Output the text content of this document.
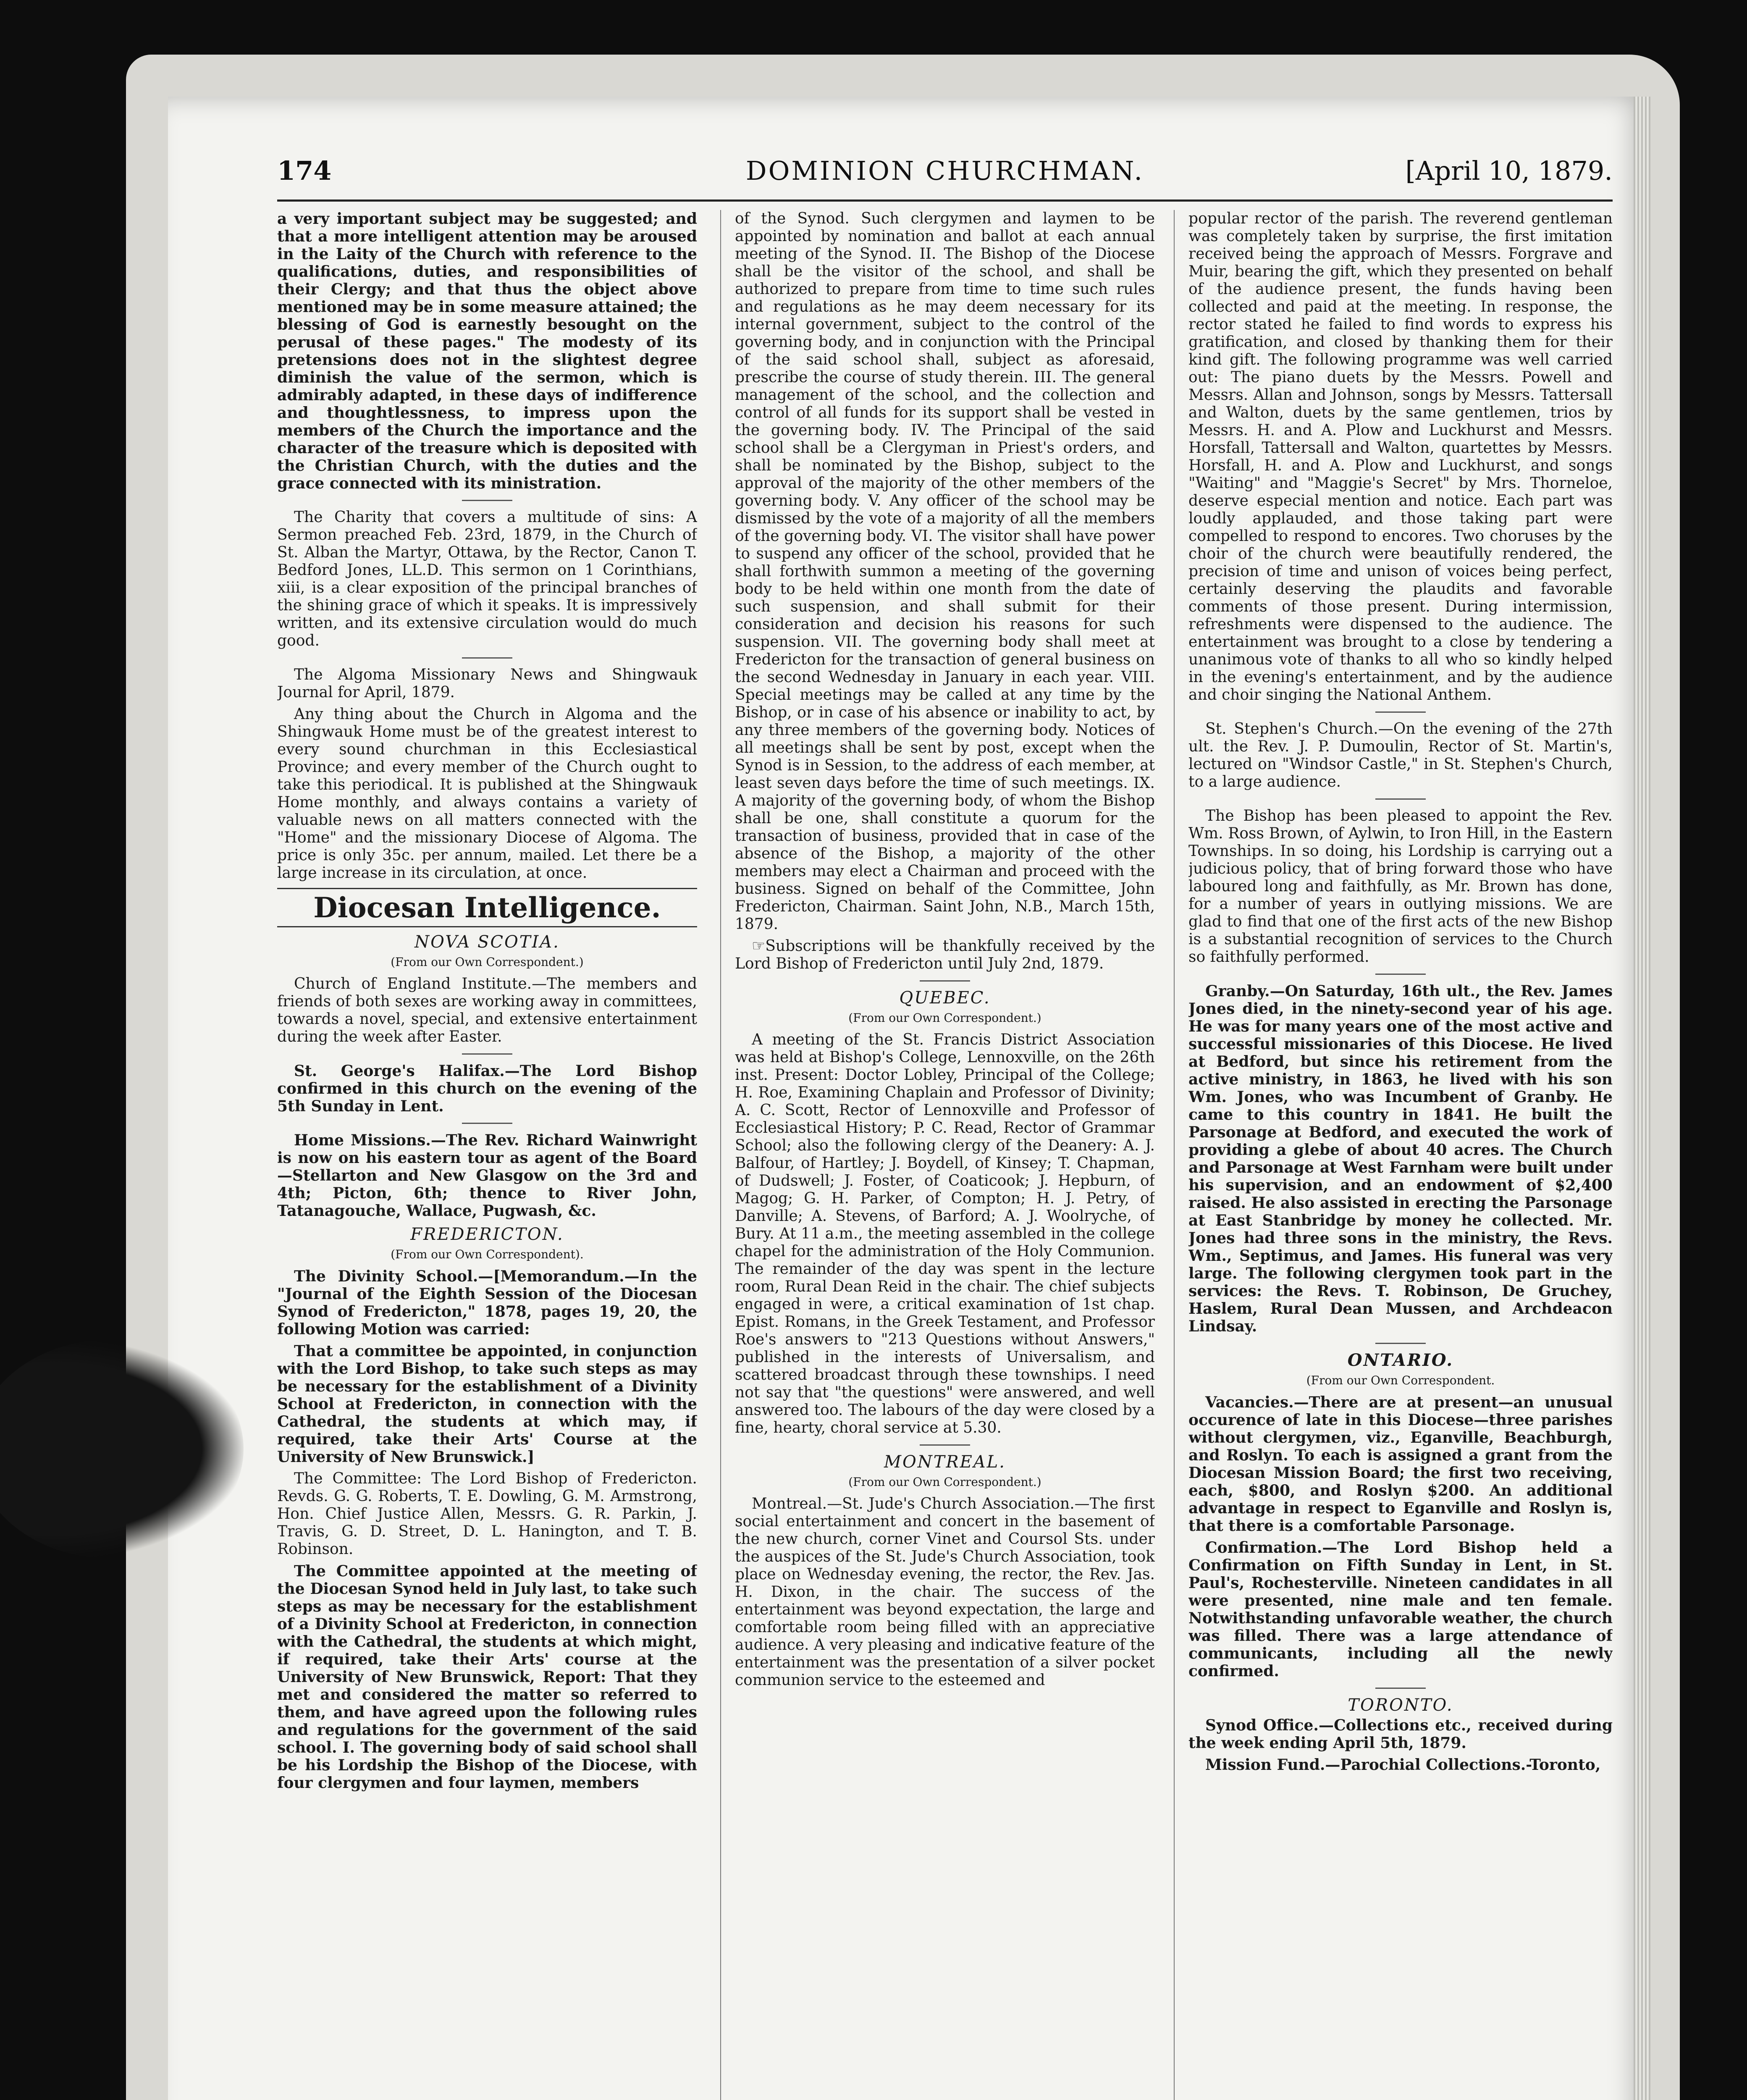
174	DOMINION CHURCHMAN.	[April 10, 1879.

a very important subject may be suggested; and that a more intelligent attention may be aroused in the Laity of the Church with reference to the qualifications, duties, and responsibilities of their Clergy; and that thus the object above mentioned may be in some measure attained; the blessing of God is earnestly besought on the perusal of these pages." The modesty of its pretensions does not in the slightest degree diminish the value of the sermon, which is admirably adapted, in these days of indifference and thoughtlessness, to impress upon the members of the Church the importance and the character of the treasure which is deposited with the Christian Church, with the duties and the grace connected with its ministration.

The Charity that covers a multitude of sins: A Sermon preached Feb. 23rd, 1879, in the Church of St. Alban the Martyr, Ottawa, by the Rector, Canon T. Bedford Jones, LL.D. This sermon on 1 Corinthians, xiii, is a clear exposition of the principal branches of the shining grace of which it speaks. It is impressively written, and its extensive circulation would do much good.

The Algoma Missionary News and Shingwauk Journal for April, 1879.

Any thing about the Church in Algoma and the Shingwauk Home must be of the greatest interest to every sound churchman in this Ecclesiastical Province; and every member of the Church ought to take this periodical. It is published at the Shingwauk Home monthly, and always contains a variety of valuable news on all matters connected with the "Home" and the missionary Diocese of Algoma. The price is only 35c. per annum, mailed. Let there be a large increase in its circulation, at once.

Diocesan Intelligence.
NOVA SCOTIA.
(From our Own Correspondent.)

Church of England Institute.—The members and friends of both sexes are working away in committees, towards a novel, special, and extensive entertainment during the week after Easter.

St. George's Halifax.—The Lord Bishop confirmed in this church on the evening of the 5th Sunday in Lent.

Home Missions.—The Rev. Richard Wainwright is now on his eastern tour as agent of the Board —Stellarton and New Glasgow on the 3rd and 4th; Picton, 6th; thence to River John, Tatanagouche, Wallace, Pugwash, &c.

FREDERICTON.
(From our Own Correspondent).

The Divinity School.—[Memorandum.—In the "Journal of the Eighth Session of the Diocesan Synod of Fredericton," 1878, pages 19, 20, the following Motion was carried:

That a committee be appointed, in conjunction with the Lord Bishop, to take such steps as may be necessary for the establishment of a Divinity School at Fredericton, in connection with the Cathedral, the students at which may, if required, take their Arts' Course at the University of New Brunswick.]

The Committee: The Lord Bishop of Fredericton. Revds. G. G. Roberts, T. E. Dowling, G. M. Armstrong, Hon. Chief Justice Allen, Messrs. G. R. Parkin, J. Travis, G. D. Street, D. L. Hanington, and T. B. Robinson.

The Committee appointed at the meeting of the Diocesan Synod held in July last, to take such steps as may be necessary for the establishment of a Divinity School at Fredericton, in connection with the Cathedral, the students at which might, if required, take their Arts' course at the University of New Brunswick, Report: That they met and considered the matter so referred to them, and have agreed upon the following rules and regulations for the government of the said school. I. The governing body of said school shall be his Lordship the Bishop of the Diocese, with four clergymen and four laymen, members

of the Synod. Such clergymen and laymen to be appointed by nomination and ballot at each annual meeting of the Synod. II. The Bishop of the Diocese shall be the visitor of the school, and shall be authorized to prepare from time to time such rules and regulations as he may deem necessary for its internal government, subject to the control of the governing body, and in conjunction with the Principal of the said school shall, subject as aforesaid, prescribe the course of study therein. III. The general management of the school, and the collection and control of all funds for its support shall be vested in the governing body. IV. The Principal of the said school shall be a Clergyman in Priest's orders, and shall be nominated by the Bishop, subject to the approval of the majority of the other members of the governing body. V. Any officer of the school may be dismissed by the vote of a majority of all the members of the governing body. VI. The visitor shall have power to suspend any officer of the school, provided that he shall forthwith summon a meeting of the governing body to be held within one month from the date of such suspension, and shall submit for their consideration and decision his reasons for such suspension. VII. The governing body shall meet at Fredericton for the transaction of general business on the second Wednesday in January in each year. VIII. Special meetings may be called at any time by the Bishop, or in case of his absence or inability to act, by any three members of the governing body. Notices of all meetings shall be sent by post, except when the Synod is in Session, to the address of each member, at least seven days before the time of such meetings. IX. A majority of the governing body, of whom the Bishop shall be one, shall constitute a quorum for the transaction of business, provided that in case of the absence of the Bishop, a majority of the other members may elect a Chairman and proceed with the business. Signed on behalf of the Committee, John Fredericton, Chairman. Saint John, N.B., March 15th, 1879.

☞Subscriptions will be thankfully received by the Lord Bishop of Fredericton until July 2nd, 1879.

QUEBEC.
(From our Own Correspondent.)

A meeting of the St. Francis District Association was held at Bishop's College, Lennoxville, on the 26th inst. Present: Doctor Lobley, Principal of the College; H. Roe, Examining Chaplain and Professor of Divinity; A. C. Scott, Rector of Lennoxville and Professor of Ecclesiastical History; P. C. Read, Rector of Grammar School; also the following clergy of the Deanery: A. J. Balfour, of Hartley; J. Boydell, of Kinsey; T. Chapman, of Dudswell; J. Foster, of Coaticook; J. Hepburn, of Magog; G. H. Parker, of Compton; H. J. Petry, of Danville; A. Stevens, of Barford; A. J. Woolryche, of Bury. At 11 a.m., the meeting assembled in the college chapel for the administration of the Holy Communion. The remainder of the day was spent in the lecture room, Rural Dean Reid in the chair. The chief subjects engaged in were, a critical examination of 1st chap. Epist. Romans, in the Greek Testament, and Professor Roe's answers to "213 Questions without Answers," published in the interests of Universalism, and scattered broadcast through these townships. I need not say that "the questions" were answered, and well answered too. The labours of the day were closed by a fine, hearty, choral service at 5.30.

MONTREAL.
(From our Own Correspondent.)

Montreal.—St. Jude's Church Association.—The first social entertainment and concert in the basement of the new church, corner Vinet and Coursol Sts. under the auspices of the St. Jude's Church Association, took place on Wednesday evening, the rector, the Rev. Jas. H. Dixon, in the chair. The success of the entertainment was beyond expectation, the large and comfortable room being filled with an appreciative audience. A very pleasing and indicative feature of the entertainment was the presentation of a silver pocket communion service to the esteemed and

popular rector of the parish. The reverend gentleman was completely taken by surprise, the first imitation received being the approach of Messrs. Forgrave and Muir, bearing the gift, which they presented on behalf of the audience present, the funds having been collected and paid at the meeting. In response, the rector stated he failed to find words to express his gratification, and closed by thanking them for their kind gift. The following programme was well carried out: The piano duets by the Messrs. Powell and Messrs. Allan and Johnson, songs by Messrs. Tattersall and Walton, duets by the same gentlemen, trios by Messrs. H. and A. Plow and Luckhurst and Messrs. Horsfall, Tattersall and Walton, quartettes by Messrs. Horsfall, H. and A. Plow and Luckhurst, and songs "Waiting" and "Maggie's Secret" by Mrs. Thorneloe, deserve especial mention and notice. Each part was loudly applauded, and those taking part were compelled to respond to encores. Two choruses by the choir of the church were beautifully rendered, the precision of time and unison of voices being perfect, certainly deserving the plaudits and favorable comments of those present. During intermission, refreshments were dispensed to the audience. The entertainment was brought to a close by tendering a unanimous vote of thanks to all who so kindly helped in the evening's entertainment, and by the audience and choir singing the National Anthem.

St. Stephen's Church.—On the evening of the 27th ult. the Rev. J. P. Dumoulin, Rector of St. Martin's, lectured on "Windsor Castle," in St. Stephen's Church, to a large audience.

The Bishop has been pleased to appoint the Rev. Wm. Ross Brown, of Aylwin, to Iron Hill, in the Eastern Townships. In so doing, his Lordship is carrying out a judicious policy, that of bring forward those who have laboured long and faithfully, as Mr. Brown has done, for a number of years in outlying missions. We are glad to find that one of the first acts of the new Bishop is a substantial recognition of services to the Church so faithfully performed.

Granby.—On Saturday, 16th ult., the Rev. James Jones died, in the ninety-second year of his age. He was for many years one of the most active and successful missionaries of this Diocese. He lived at Bedford, but since his retirement from the active ministry, in 1863, he lived with his son Wm. Jones, who was Incumbent of Granby. He came to this country in 1841. He built the Parsonage at Bedford, and executed the work of providing a glebe of about 40 acres. The Church and Parsonage at West Farnham were built under his supervision, and an endowment of $2,400 raised. He also assisted in erecting the Parsonage at East Stanbridge by money he collected. Mr. Jones had three sons in the ministry, the Revs. Wm., Septimus, and James. His funeral was very large. The following clergymen took part in the services: the Revs. T. Robinson, De Gruchey, Haslem, Rural Dean Mussen, and Archdeacon Lindsay.

ONTARIO.
(From our Own Correspondent.

Vacancies.—There are at present—an unusual occurence of late in this Diocese—three parishes without clergymen, viz., Eganville, Beachburgh, and Roslyn. To each is assigned a grant from the Diocesan Mission Board; the first two receiving, each, $800, and Roslyn $200. An additional advantage in respect to Eganville and Roslyn is, that there is a comfortable Parsonage.

Confirmation.—The Lord Bishop held a Confirmation on Fifth Sunday in Lent, in St. Paul's, Rochesterville. Nineteen candidates in all were presented, nine male and ten female. Notwithstanding unfavorable weather, the church was filled. There was a large attendance of communicants, including all the newly confirmed.

TORONTO.

Synod Office.—Collections etc., received during the week ending April 5th, 1879.

Mission Fund.—Parochial Collections.-Toronto,
